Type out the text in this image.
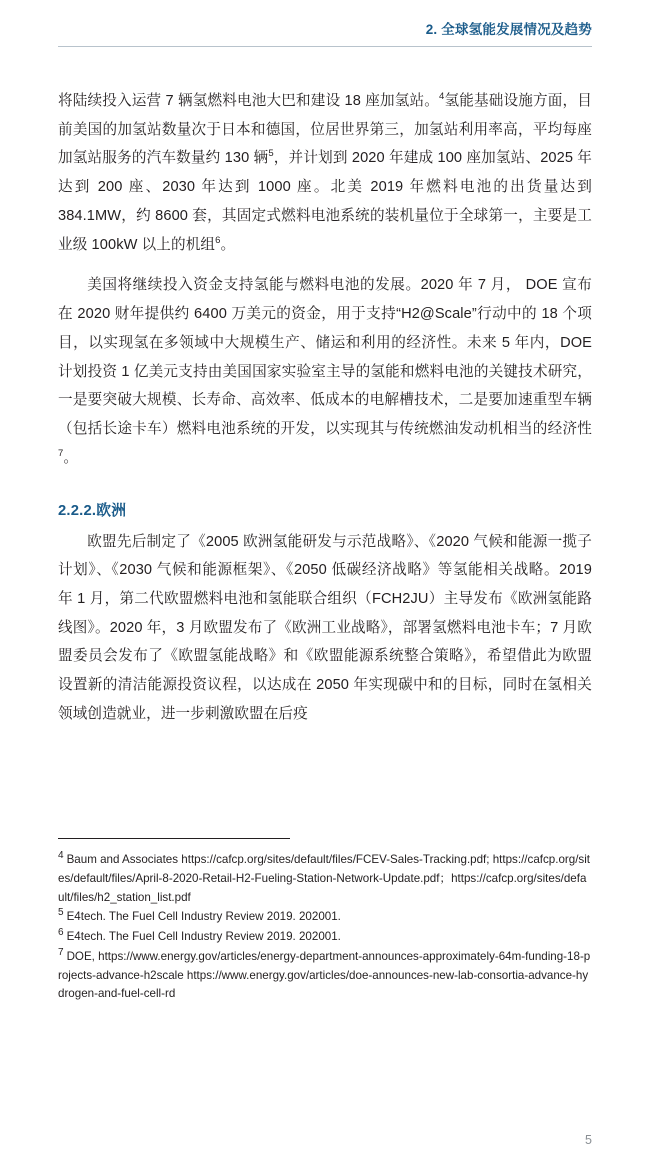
2. 全球氢能发展情况及趋势

将陆续投入运营 7 辆氢燃料电池大巴和建设 18 座加氢站。$^4$氢能基础设施方面，目前美国的加氢站数量次于日本和德国，位居世界第三，加氢站利用率高，平均每座加氢站服务的汽车数量约 130 辆$^5$，并计划到 2020 年建成 100 座加氢站、2025 年达到 200 座、2030 年达到 1000 座。北美 2019 年燃料电池的出货量达到 384.1MW，约 8600 套，其固定式燃料电池系统的装机量位于全球第一，主要是工业级 100kW 以上的机组$^6$。

美国将继续投入资金支持氢能与燃料电池的发展。2020 年 7 月， DOE 宣布在 2020 财年提供约 6400 万美元的资金，用于支持“H2@Scale”行动中的 18 个项目，以实现氢在多领域中大规模生产、储运和利用的经济性。未来 5 年内，DOE 计划投资 1 亿美元支持由美国国家实验室主导的氢能和燃料电池的关键技术研究，一是要突破大规模、长寿命、高效率、低成本的电解槽技术，二是要加速重型车辆（包括长途卡车）燃料电池系统的开发，以实现其与传统燃油发动机相当的经济性$^7$。

2.2.2.欧洲

欧盟先后制定了《2005 欧洲氢能研发与示范战略》、《2020 气候和能源一揽子计划》、《2030 气候和能源框架》、《2050 低碳经济战略》等氢能相关战略。2019 年 1 月，第二代欧盟燃料电池和氢能联合组织（FCH2JU）主导发布《欧洲氢能路线图》。2020 年，3 月欧盟发布了《欧洲工业战略》，部署氢燃料电池卡车；7 月欧盟委员会发布了《欧盟氢能战略》和《欧盟能源系统整合策略》，希望借此为欧盟设置新的清洁能源投资议程，以达成在 2050 年实现碳中和的目标，同时在氢相关领域创造就业，进一步刺激欧盟在后疫

4 Baum and Associates https://cafcp.org/sites/default/files/FCEV-Sales-Tracking.pdf; https://cafcp.org/sites/default/files/April-8-2020-Retail-H2-Fueling-Station-Network-Update.pdf；https://cafcp.org/sites/default/files/h2_station_list.pdf

5 E4tech. The Fuel Cell Industry Review 2019. 202001.

6 E4tech. The Fuel Cell Industry Review 2019. 202001.

7 DOE, https://www.energy.gov/articles/energy-department-announces-approximately-64m-funding-18-projects-advance-h2scale https://www.energy.gov/articles/doe-announces-new-lab-consortia-advance-hydrogen-and-fuel-cell-rd

5
